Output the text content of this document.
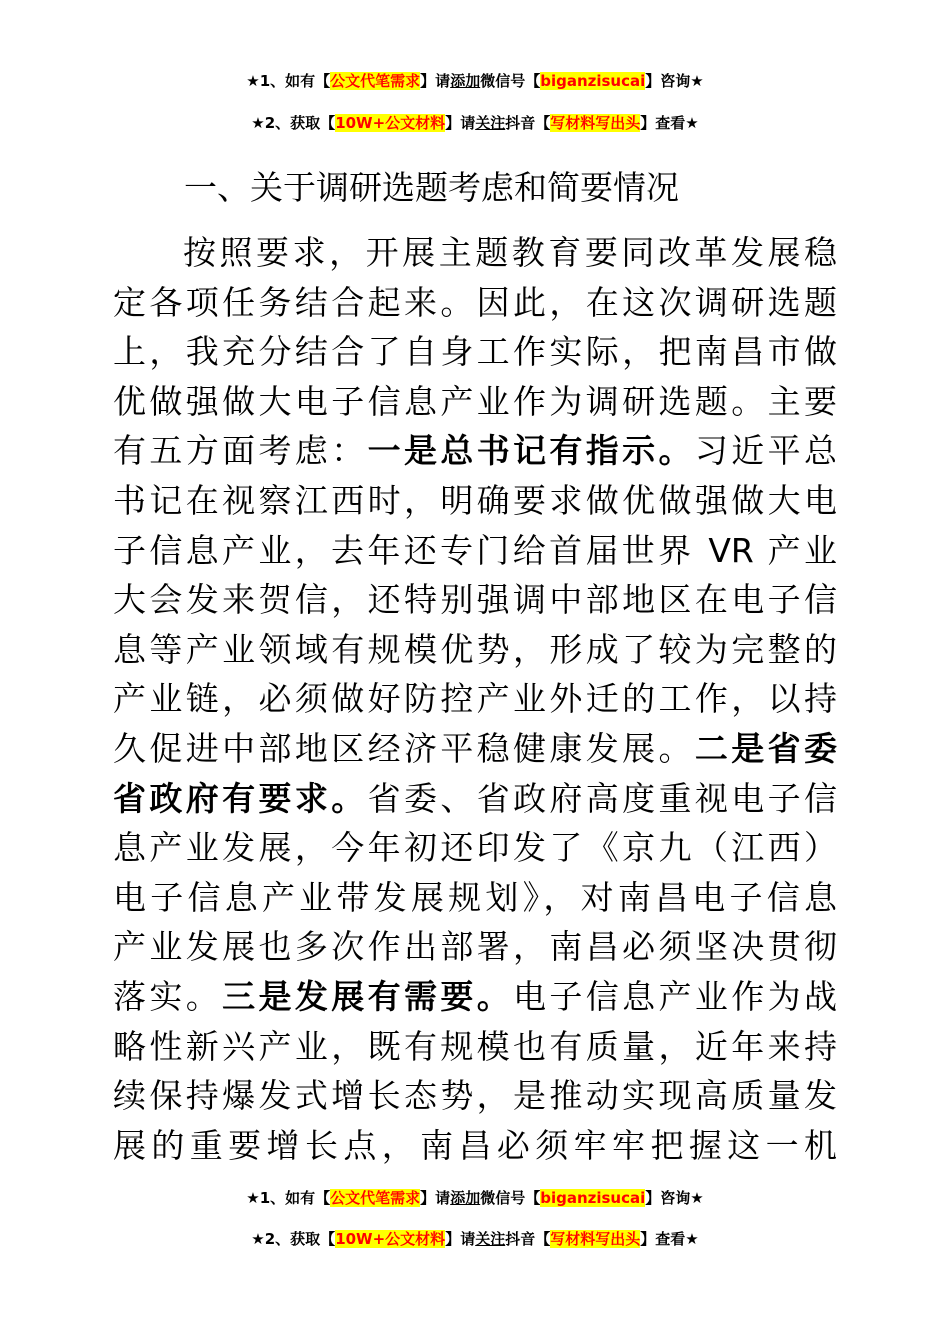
★1、如有【公文代笔需求】请添加微信号【biganzisucai】咨询★
★2、获取【10W+公文材料】请关注抖音【写材料写出头】查看★
一、关于调研选题考虑和简要情况
按照要求，开展主题教育要同改革发展稳
定各项任务结合起来。因此，在这次调研选题
上，我充分结合了自身工作实际，把南昌市做
优做强做大电子信息产业作为调研选题。主要
有五方面考虑：一是总书记有指示。习近平总
书记在视察江西时，明确要求做优做强做大电
子信息产业，去年还专门给首届世界 VR 产业
大会发来贺信，还特别强调中部地区在电子信
息等产业领域有规模优势，形成了较为完整的
产业链，必须做好防控产业外迁的工作，以持
久促进中部地区经济平稳健康发展。二是省委
省政府有要求。省委、省政府高度重视电子信
息产业发展，今年初还印发了《京九（江西）
电子信息产业带发展规划》，对南昌电子信息
产业发展也多次作出部署，南昌必须坚决贯彻
落实。三是发展有需要。电子信息产业作为战
略性新兴产业，既有规模也有质量，近年来持
续保持爆发式增长态势，是推动实现高质量发
展的重要增长点，南昌必须牢牢把握这一机
★1、如有【公文代笔需求】请添加微信号【biganzisucai】咨询★
★2、获取【10W+公文材料】请关注抖音【写材料写出头】查看★
